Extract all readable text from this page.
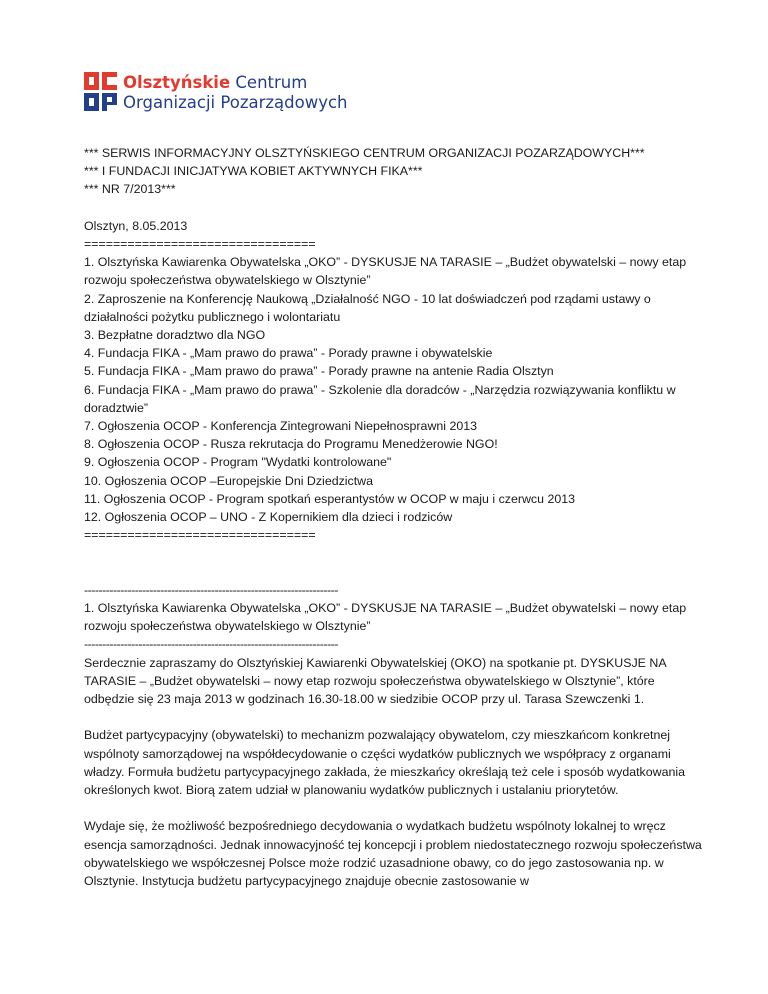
Olsztyńskie Centrum
Organizacji Pozarządowych

*** SERWIS INFORMACYJNY OLSZTYŃSKIEGO CENTRUM ORGANIZACJI POZARZĄDOWYCH***

*** I FUNDACJI INICJATYWA KOBIET AKTYWNYCH FIKA***

*** NR 7/2013***

Olsztyn, 8.05.2013

================================

1. Olsztyńska Kawiarenka Obywatelska „OKO” - DYSKUSJE NA TARASIE – „Budżet obywatelski – nowy etap rozwoju społeczeństwa obywatelskiego w Olsztynie”

2. Zaproszenie na Konferencję Naukową „Działalność NGO - 10 lat doświadczeń pod rządami ustawy o działalności pożytku publicznego i wolontariatu

3. Bezpłatne doradztwo dla NGO

4. Fundacja FIKA - „Mam prawo do prawa” - Porady prawne i obywatelskie

5. Fundacja FIKA - „Mam prawo do prawa” - Porady prawne na antenie Radia Olsztyn

6. Fundacja FIKA - „Mam prawo do prawa” - Szkolenie dla doradców - „Narzędzia rozwiązywania konfliktu w doradztwie”

7. Ogłoszenia OCOP - Konferencja Zintegrowani Niepełnosprawni 2013

8. Ogłoszenia OCOP - Rusza rekrutacja do Programu Menedżerowie NGO!

9. Ogłoszenia OCOP - Program "Wydatki kontrolowane"

10. Ogłoszenia OCOP –Europejskie Dni Dziedzictwa

11. Ogłoszenia OCOP - Program spotkań esperantystów w OCOP w maju i czerwcu 2013

12. Ogłoszenia OCOP – UNO - Z Kopernikiem dla dzieci i rodziców

================================

----------------------------------------------------------------------

1. Olsztyńska Kawiarenka Obywatelska „OKO” - DYSKUSJE NA TARASIE – „Budżet obywatelski – nowy etap rozwoju społeczeństwa obywatelskiego w Olsztynie”

----------------------------------------------------------------------

Serdecznie zapraszamy do Olsztyńskiej Kawiarenki Obywatelskiej (OKO) na spotkanie pt. DYSKUSJE NA TARASIE – „Budżet obywatelski – nowy etap rozwoju społeczeństwa obywatelskiego w Olsztynie”, które odbędzie się 23 maja 2013 w godzinach 16.30-18.00 w siedzibie OCOP przy ul. Tarasa Szewczenki 1.

Budżet partycypacyjny (obywatelski) to mechanizm pozwalający obywatelom, czy mieszkańcom konkretnej wspólnoty samorządowej na współdecydowanie o części wydatków publicznych we współpracy z organami władzy. Formuła budżetu partycypacyjnego zakłada, że mieszkańcy określają też cele i sposób wydatkowania określonych kwot. Biorą zatem udział w planowaniu wydatków publicznych i ustalaniu priorytetów.

Wydaje się, że możliwość bezpośredniego decydowania o wydatkach budżetu wspólnoty lokalnej to wręcz esencja samorządności. Jednak innowacyjność tej koncepcji i problem niedostatecznego rozwoju społeczeństwa obywatelskiego we współczesnej Polsce może rodzić uzasadnione obawy, co do jego zastosowania np. w Olsztynie. Instytucja budżetu partycypacyjnego znajduje obecnie zastosowanie w
